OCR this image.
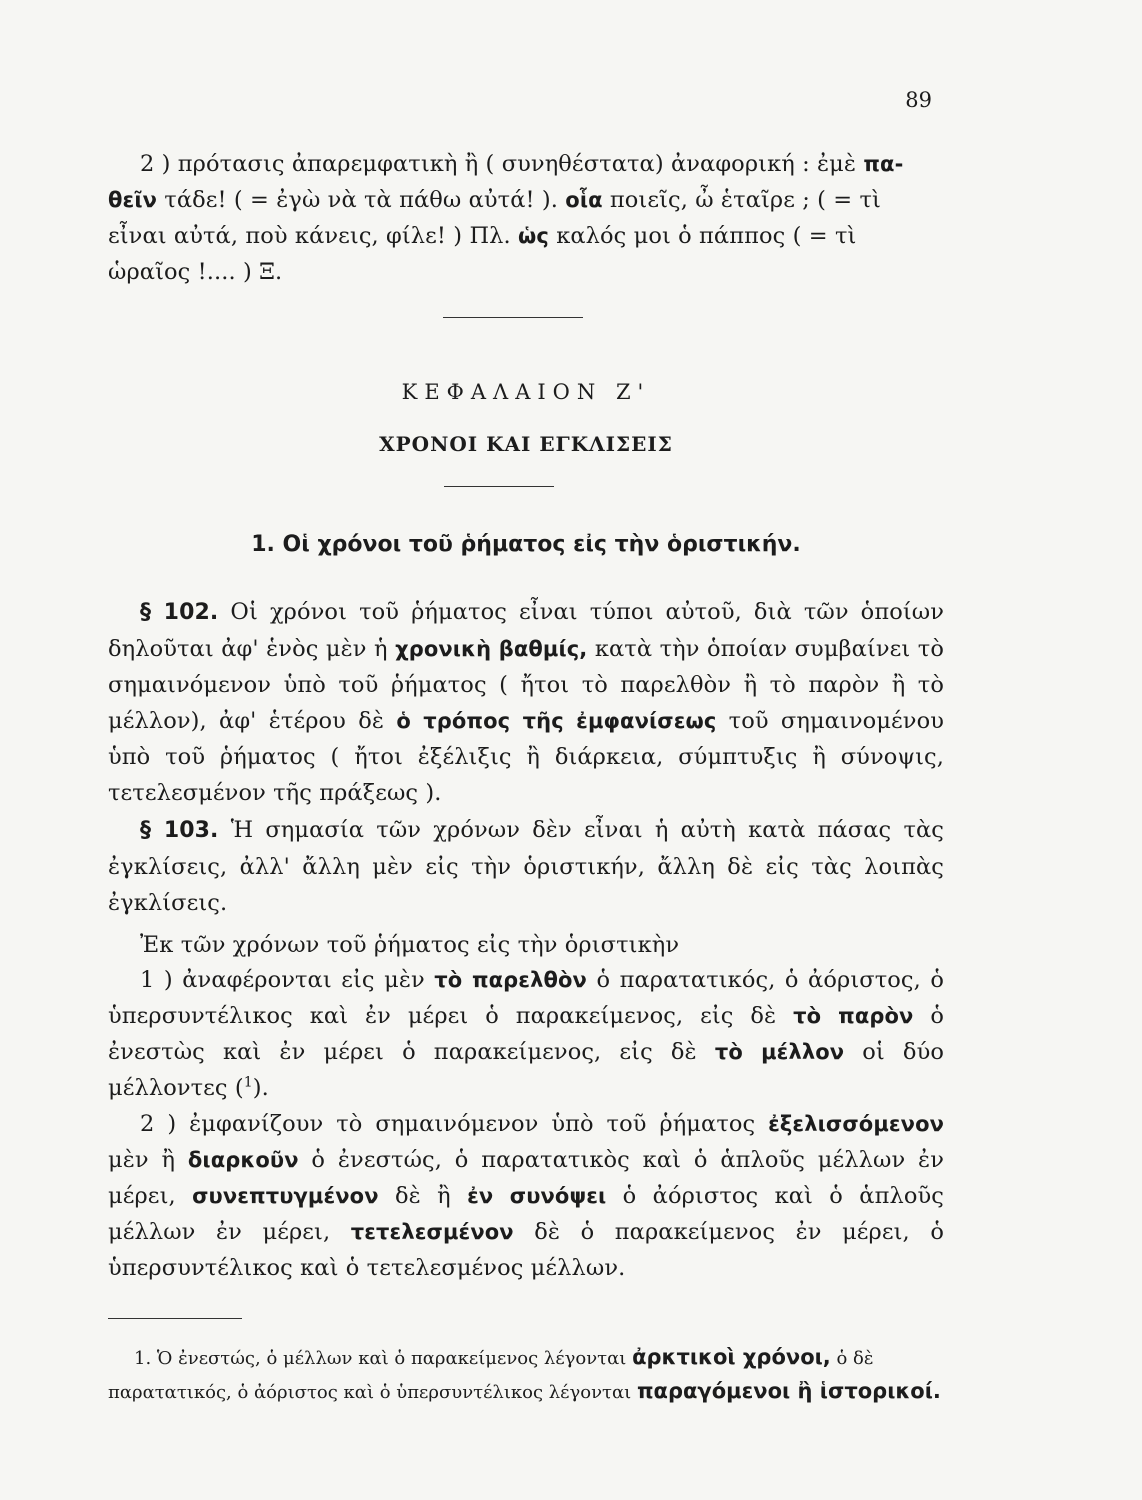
89

2 ) πρότασις ἀπαρεμφατικὴ ἢ ( συνηθέστατα) ἀναφορική : ἐμὲ πα-
θεῖν τάδε! ( = ἐγὼ νὰ τὰ πάθω αὐτά! ). οἷα ποιεῖς, ὦ ἑταῖρε ; ( = τὶ
εἶναι αὐτά, ποὺ κάνεις, φίλε! ) Πλ. ὡς καλός μοι ὁ πάππος ( = τὶ
ὡραῖος !.... ) Ξ.

ΚΕΦΑΛΑΙΟΝ Ζ'
ΧΡΟΝΟΙ ΚΑΙ ΕΓΚΛΙΣΕΙΣ
1. Οἱ χρόνοι τοῦ ῥήματος εἰς τὴν ὁριστικήν.

§ 102. Οἱ χρόνοι τοῦ ῥήματος εἶναι τύποι αὐτοῦ, διὰ τῶν ὁποίων δηλοῦται ἀφ' ἑνὸς μὲν ἡ χρονικὴ βαθμίς, κατὰ τὴν ὁποίαν συμβαίνει τὸ σημαινόμενον ὑπὸ τοῦ ῥήματος ( ἤτοι τὸ παρελθὸν ἢ τὸ παρὸν ἢ τὸ μέλλον), ἀφ' ἑτέρου δὲ ὁ τρόπος τῆς ἐμφανίσεως τοῦ σημαινομένου ὑπὸ τοῦ ῥήματος ( ἤτοι ἐξέλιξις ἢ διάρκεια, σύμπτυξις ἢ σύνοψις, τετελεσμένον τῆς πράξεως ).

§ 103. Ἡ σημασία τῶν χρόνων δὲν εἶναι ἡ αὐτὴ κατὰ πάσας τὰς ἐγκλίσεις, ἀλλ' ἄλλη μὲν εἰς τὴν ὁριστικήν, ἄλλη δὲ εἰς τὰς λοιπὰς ἐγκλίσεις.

Ἐκ τῶν χρόνων τοῦ ῥήματος εἰς τὴν ὁριστικὴν

1 ) ἀναφέρονται εἰς μὲν τὸ παρελθὸν ὁ παρατατικός, ὁ ἀόριστος, ὁ ὑπερσυντέλικος καὶ ἐν μέρει ὁ παρακείμενος, εἰς δὲ τὸ παρὸν ὁ ἐνεστὼς καὶ ἐν μέρει ὁ παρακείμενος, εἰς δὲ τὸ μέλλον οἱ δύο μέλλοντες ($^1$).

2 ) ἐμφανίζουν τὸ σημαινόμενον ὑπὸ τοῦ ῥήματος ἐξελισσόμενον μὲν ἢ διαρκοῦν ὁ ἐνεστώς, ὁ παρατατικὸς καὶ ὁ ἁπλοῦς μέλλων ἐν μέρει, συνεπτυγμένον δὲ ἢ ἐν συνόψει ὁ ἀόριστος καὶ ὁ ἁπλοῦς μέλλων ἐν μέρει, τετελεσμένον δὲ ὁ παρακείμενος ἐν μέρει, ὁ ὑπερσυντέλικος καὶ ὁ τετελεσμένος μέλλων.

1. Ὁ ἐνεστώς, ὁ μέλλων καὶ ὁ παρακείμενος λέγονται ἀρκτικοὶ χρόνοι, ὁ δὲ

παρατατικός, ὁ ἀόριστος καὶ ὁ ὑπερσυντέλικος λέγονται παραγόμενοι ἢ ἱστορικοί.
